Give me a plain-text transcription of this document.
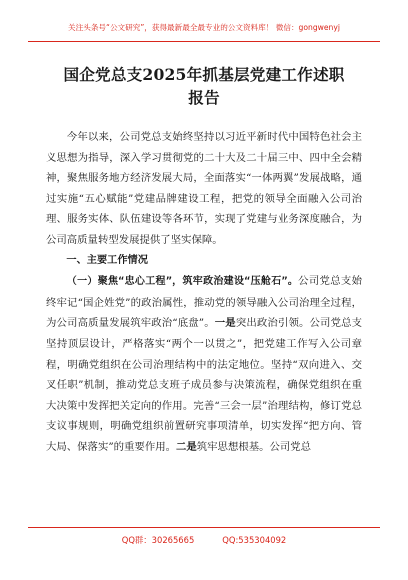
关注头条号“公文研究”，获得最新最全最专业的公文资料库！ 微信：gongwenyj
国企党总支2025年抓基层党建工作述职
报告

今年以来，公司党总支始终坚持以习近平新时代中国特色社会主义思想为指导，深入学习贯彻党的二十大及二十届三中、四中全会精神，聚焦服务地方经济发展大局，全面落实“一体两翼”发展战略，通过实施“五心赋能”党建品牌建设工程，把党的领导全面融入公司治理、服务实体、队伍建设等各环节，实现了党建与业务深度融合，为公司高质量转型发展提供了坚实保障。

一、主要工作情况

（一）聚焦“忠心工程”，筑牢政治建设“压舱石”。公司党总支始终牢记“国企姓党”的政治属性，推动党的领导融入公司治理全过程，为公司高质量发展筑牢政治“底盘”。一是突出政治引领。公司党总支坚持顶层设计，严格落实“两个一以贯之”，把党建工作写入公司章程，明确党组织在公司治理结构中的法定地位。坚持“双向进入、交叉任职”机制，推动党总支班子成员参与决策流程，确保党组织在重大决策中发挥把关定向的作用。完善“三会一层”治理结构，修订党总支议事规则，明确党组织前置研究事项清单，切实发挥“把方向、管大局、保落实”的重要作用。二是筑牢思想根基。公司党总

QQ群：30265665	QQ:535304092
